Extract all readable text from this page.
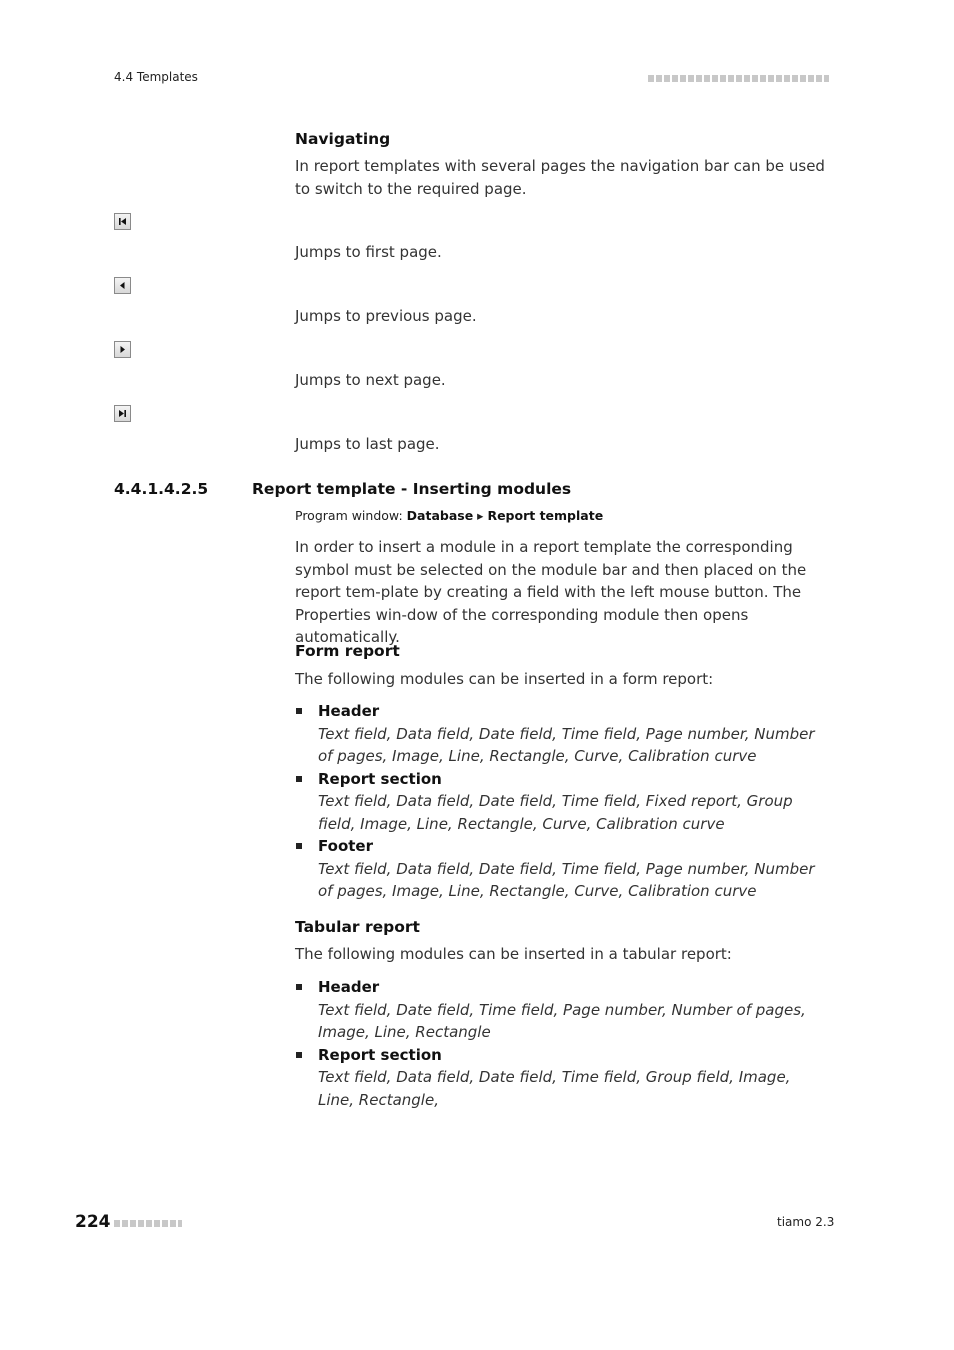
4.4 Templates
Navigating
In report templates with several pages the navigation bar can be used to switch to the required page.
Jumps to first page.
Jumps to previous page.
Jumps to next page.
Jumps to last page.
4.4.1.4.2.5	Report template - Inserting modules
Program window: Database ▸ Report template
In order to insert a module in a report template the corresponding symbol must be selected on the module bar and then placed on the report tem-plate by creating a field with the left mouse button. The Properties win-dow of the corresponding module then opens automatically.
Form report
The following modules can be inserted in a form report:
Header
Text field, Data field, Date field, Time field, Page number, Number of pages, Image, Line, Rectangle, Curve, Calibration curve
Report section
Text field, Data field, Date field, Time field, Fixed report, Group field, Image, Line, Rectangle, Curve, Calibration curve
Footer
Text field, Data field, Date field, Time field, Page number, Number of pages, Image, Line, Rectangle, Curve, Calibration curve
Tabular report
The following modules can be inserted in a tabular report:
Header
Text field, Date field, Time field, Page number, Number of pages, Image, Line, Rectangle
Report section
Text field, Data field, Date field, Time field, Group field, Image, Line, Rectangle,
224	tiamo 2.3
